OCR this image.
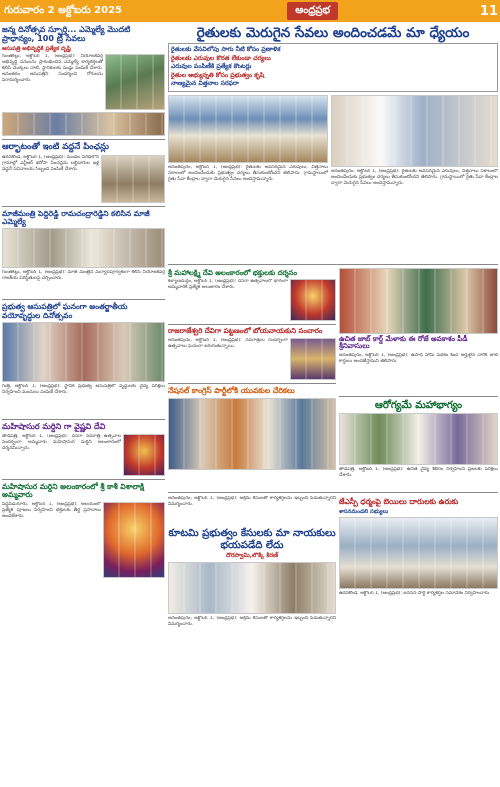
గురువారం 2 అక్టోబరు 2025	ఆంధ్రప్రభ	11
జన్మ దినోత్సవ స్ఫూర్తి... ఎమ్మెల్యే మొదటి ప్రాధాన్యం, 100 ట్రీ సేవలు
ఆసుపత్రి అభివృద్ధికి ప్రత్యేక దృష్టి

గుంతకల్లు, అక్టోబర్ 1, (ఆంధ్రప్రభ): నియోజకవర్గ అభివృద్ధి పనులను ప్రారంభించిన ఎమ్మెల్యే కార్యకర్తలతో కలిసి మొక్కలు నాటి, స్థానికులకు పండ్లు పంపిణీ చేశారు. అనంతరం ఆసుపత్రిని సందర్శించి రోగులను పరామర్శించారు.

ఆర్భాటంతో ఇంటి వద్దనే పింఛన్లు

ఉరవకొండ, అక్టోబర్ 1, (ఆంధ్రప్రభ): మండల పరిధిలోని గ్రామాల్లో ఎన్టీఆర్ భరోసా పింఛన్లను లబ్ధిదారుల ఇళ్ల వద్దనే సచివాలయ సిబ్బంది పంపిణీ చేశారు.

మాజీమంత్రి పెద్దిరెడ్డి రామచంద్రారెడ్డిని కలిసిన మాజీ ఎమ్మెల్యే

గుంతకల్లు, అక్టోబర్ 1, (ఆంధ్రప్రభ): మాజీ మంత్రిని మర్యాదపూర్వకంగా కలిసి నియోజకవర్గ రాజకీయ పరిస్థితులపై చర్చించారు.

ప్రభుత్వ ఆసుపత్రిలో ఘనంగా అంతర్జాతీయ వయోవృద్ధుల దినోత్సవం

గుత్తి, అక్టోబర్ 1, (ఆంధ్రప్రభ): స్థానిక ప్రభుత్వ ఆసుపత్రిలో వృద్ధులకు వైద్య పరీక్షలు నిర్వహించి మందులు పంపిణీ చేశారు.

మహిషాసుర మర్దిని గా వైష్ణవి దేవి

తాడిపత్రి, అక్టోబర్ 1, (ఆంధ్రప్రభ): దసరా నవరాత్రి ఉత్సవాల సందర్భంగా అమ్మవారు మహిషాసుర మర్దిని అలంకారంలో దర్శనమిచ్చారు.

మహిషాసుర మర్దిని అలంకారంలో శ్రీ కాశీ విశాలాక్షి అమ్మవారు

పెద్దవడుగూరు, అక్టోబర్ 1, (ఆంధ్రప్రభ): ఆలయంలో ప్రత్యేక పూజలు నిర్వహించి భక్తులకు తీర్థ ప్రసాదాలు అందజేశారు.

రైతులకు మెరుగైన సేవలు అందించడమే మా ధ్యేయం
రైతులకు వేసవిలోపు సాగు నీటి కోసం ప్రణాళిక
రైతులకు ఎరువుల కొరత లేకుండా చర్యలు
ఎరువుల పంపిణీకి ప్రత్యేక కౌంటర్లు
రైతుల అభ్యున్నతి కోసం ప్రభుత్వం కృషి
నాణ్యమైన విత్తనాల సరఫరా

అనంతపురం, అక్టోబర్ 1, (ఆంధ్రప్రభ): రైతులకు అవసరమైన ఎరువులు, విత్తనాలు సకాలంలో అందించేందుకు ప్రభుత్వం చర్యలు తీసుకుంటోందని తెలిపారు. గ్రామస్థాయిలో రైతు సేవా కేంద్రాల ద్వారా మెరుగైన సేవలు అందిస్తామన్నారు.

అనంతపురం, అక్టోబర్ 1, (ఆంధ్రప్రభ): రైతులకు అవసరమైన ఎరువులు, విత్తనాలు సకాలంలో అందించేందుకు ప్రభుత్వం చర్యలు తీసుకుంటోందని తెలిపారు. గ్రామస్థాయిలో రైతు సేవా కేంద్రాల ద్వారా మెరుగైన సేవలు అందిస్తామన్నారు.

శ్రీ మహాలక్ష్మి దేవి అలంకారంలో భక్తులకు దర్శనం

కళ్యాణదుర్గం, అక్టోబర్ 1, (ఆంధ్రప్రభ): దసరా ఉత్సవాలలో భాగంగా అమ్మవారికి ప్రత్యేక అలంకారం చేశారు.

రాజరాజేశ్వరి దేవిగా పట్టణంలో బోయనాయకుని సంచారం

అనంతపురం, అక్టోబర్ 1, (ఆంధ్రప్రభ): నవరాత్రుల సందర్భంగా ఉత్సవాలు ఘనంగా జరుగుతున్నాయి.

నేషనల్ కాంగ్రెస్ పార్టీలోకి యువకుల చేరికలు
ఉచిత జాబ్ కార్డ్ మేళాకు ఈ రోజే అవకాశం పీడీ శ్రీనివాసులు

అనంతపురం, అక్టోబర్ 1, (ఆంధ్రప్రభ): ఉపాధి హామీ పథకం కింద అర్హులైన వారికి జాబ్ కార్డులు అందజేస్తామని తెలిపారు.

ఆరోగ్యమే మహాభాగ్యం

తాడిపత్రి, అక్టోబర్ 1, (ఆంధ్రప్రభ): ఉచిత వైద్య శిబిరం నిర్వహించి ప్రజలకు పరీక్షలు చేశారు.

అనంతపురం, అక్టోబర్ 1, (ఆంధ్రప్రభ): అక్రమ కేసులతో కార్యకర్తలను ఇబ్బంది పెడుతున్నారని విమర్శించారు.

కూటమి ప్రభుత్వం కేసులకు మా నాయకులు భయపడేది లేదు
దొరస్వామి,లొక్కి కిరణ్

అనంతపురం, అక్టోబర్ 1, (ఆంధ్రప్రభ): అక్రమ కేసులతో కార్యకర్తలను ఇబ్బంది పెడుతున్నారని విమర్శించారు.

జేఎస్పీ ధర్మంపై బెయిలు దారులకు ఉరుకు
శాసనమండలి సభ్యులు

ఉరవకొండ, అక్టోబర్ 1, (ఆంధ్రప్రభ): జనసేన పార్టీ కార్యకర్తల సమావేశం నిర్వహించారు.
